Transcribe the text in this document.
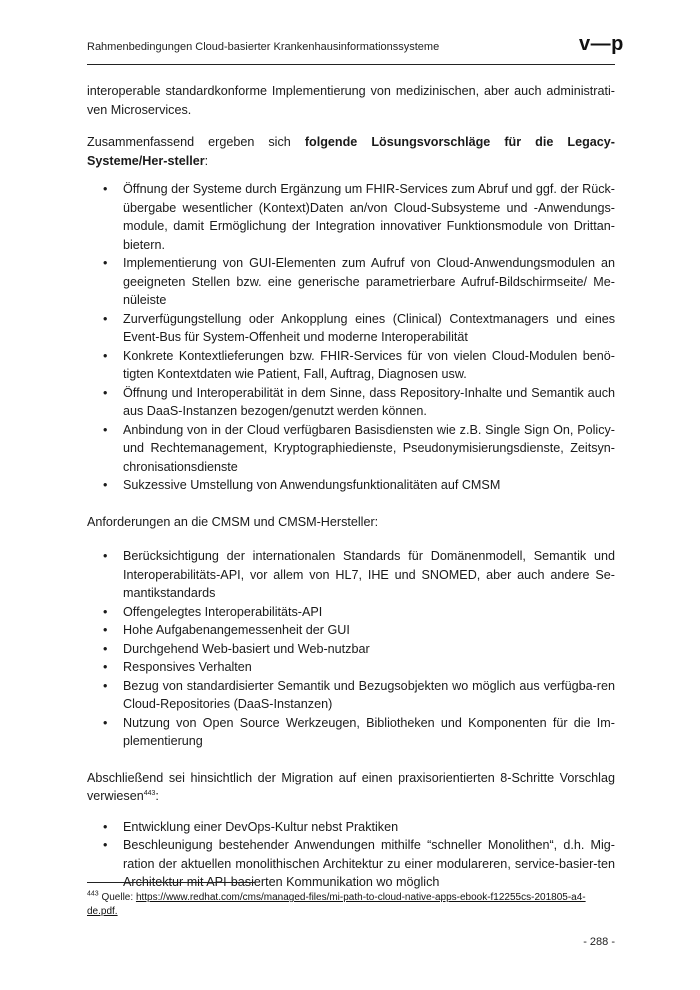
Rahmenbedingungen Cloud-basierter Krankenhausinformationssysteme	v—p

interoperable standardkonforme Implementierung von medizinischen, aber auch administrati-ven Microservices.

Zusammenfassend ergeben sich folgende Lösungsvorschläge für die Legacy-Systeme/Her-steller:

• Öffnung der Systeme durch Ergänzung um FHIR-Services zum Abruf und ggf. der Rück-übergabe wesentlicher (Kontext)Daten an/von Cloud-Subsysteme und -Anwendungs-module, damit Ermöglichung der Integration innovativer Funktionsmodule von Drittan-bietern.
• Implementierung von GUI-Elementen zum Aufruf von Cloud-Anwendungsmodulen an geeigneten Stellen bzw. eine generische parametrierbare Aufruf-Bildschirmseite/ Me-nüleiste
• Zurverfügungstellung oder Ankopplung eines (Clinical) Contextmanagers und eines Event-Bus für System-Offenheit und moderne Interoperabilität
• Konkrete Kontextlieferungen bzw. FHIR-Services für von vielen Cloud-Modulen benö-tigten Kontextdaten wie Patient, Fall, Auftrag, Diagnosen usw.
• Öffnung und Interoperabilität in dem Sinne, dass Repository-Inhalte und Semantik auch aus DaaS-Instanzen bezogen/genutzt werden können.
• Anbindung von in der Cloud verfügbaren Basisdiensten wie z.B. Single Sign On, Policy- und Rechtemanagement, Kryptographiedienste, Pseudonymisierungsdienste, Zeitsyn-chronisationsdienste
• Sukzessive Umstellung von Anwendungsfunktionalitäten auf CMSM

Anforderungen an die CMSM und CMSM-Hersteller:

• Berücksichtigung der internationalen Standards für Domänenmodell, Semantik und Interoperabilitäts-API, vor allem von HL7, IHE und SNOMED, aber auch andere Se-mantikstandards
• Offengelegtes Interoperabilitäts-API
• Hohe Aufgabenangemessenheit der GUI
• Durchgehend Web-basiert und Web-nutzbar
• Responsives Verhalten
• Bezug von standardisierter Semantik und Bezugsobjekten wo möglich aus verfügba-ren Cloud-Repositories (DaaS-Instanzen)
• Nutzung von Open Source Werkzeugen, Bibliotheken und Komponenten für die Im-plementierung

Abschließend sei hinsichtlich der Migration auf einen praxisorientierten 8-Schritte Vorschlag verwiesen$^{443}$:

• Entwicklung einer DevOps-Kultur nebst Praktiken
• Beschleunigung bestehender Anwendungen mithilfe “schneller Monolithen“, d.h. Mig-ration der aktuellen monolithischen Architektur zu einer modulareren, service-basier-ten Architektur mit API-basierten Kommunikation wo möglich
$^{443}$ Quelle: https://www.redhat.com/cms/managed-files/mi-path-to-cloud-native-apps-ebook-f12255cs-201805-a4-de.pdf.
- 288 -
